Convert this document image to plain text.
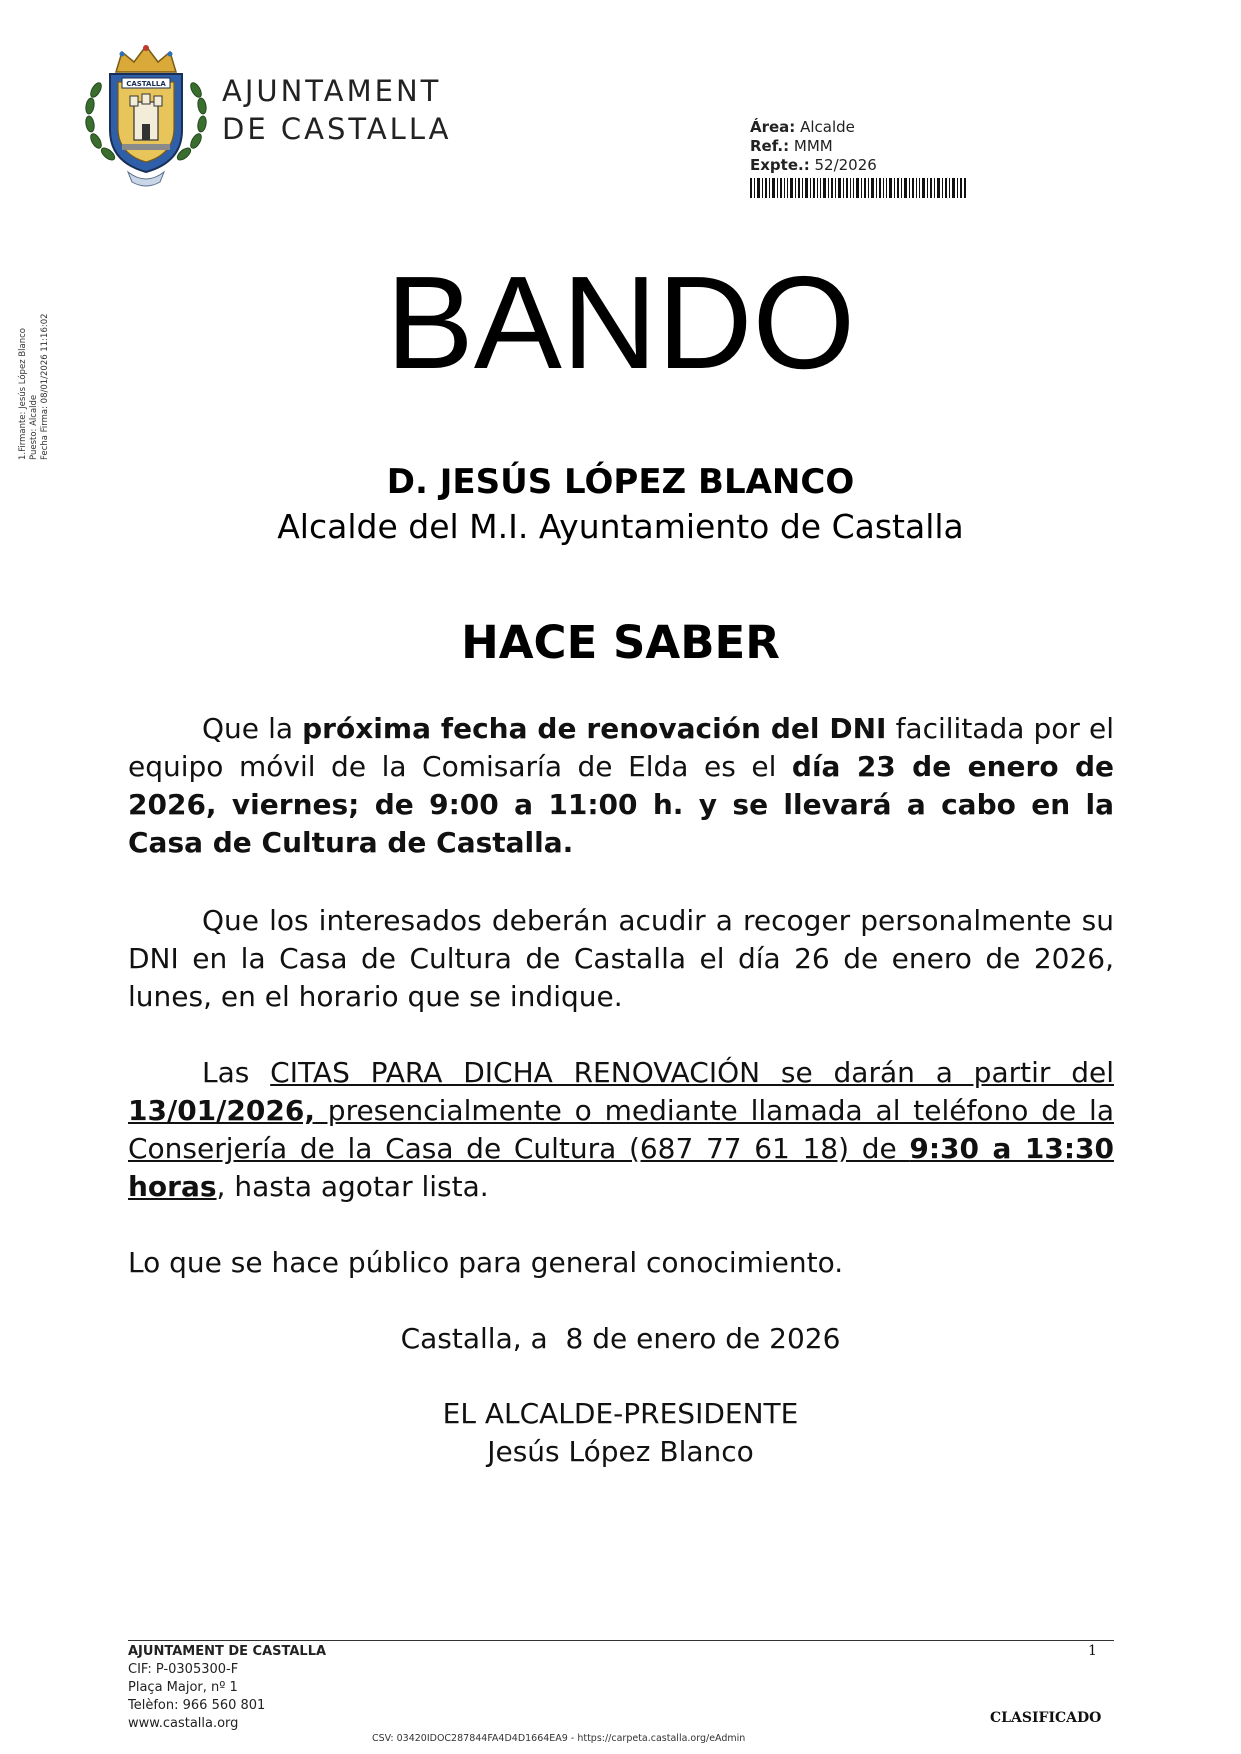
CASTALLA AJUNTAMENT
DE CASTALLA	Área: Alcalde
Ref.: MMM
Expte.: 52/2026
1.Firmante: Jesús López Blanco Puesto: Alcalde Fecha Firma: 08/01/2026 11:16:02	BANDO
D. JESÚS LÓPEZ BLANCO
Alcalde del M.I. Ayuntamiento de Castalla
HACE SABER

Que la próxima fecha de renovación del DNI facilitada por el equipo móvil de la Comisaría de Elda es el día 23 de enero de 2026, viernes; de 9:00 a 11:00 h. y se llevará a cabo en la Casa de Cultura de Castalla.

Que los interesados deberán acudir a recoger personalmente su DNI en la Casa de Cultura de Castalla el día 26 de enero de 2026, lunes, en el horario que se indique.

Las CITAS PARA DICHA RENOVACIÓN se darán a partir del 13/01/2026, presencialmente o mediante llamada al teléfono de la Conserjería de la Casa de Cultura (687 77 61 18) de 9:30 a 13:30 horas, hasta agotar lista.

Lo que se hace público para general conocimiento.

Castalla, a  8 de enero de 2026
EL ALCALDE-PRESIDENTE
Jesús López Blanco
AJUNTAMENT DE CASTALLA
CIF: P-0305300-F
Plaça Major, nº 1
Telèfon: 966 560 801
www.castalla.org
1
CLASIFICADO
CSV: 03420IDOC287844FA4D4D1664EA9 - https://carpeta.castalla.org/eAdmin
